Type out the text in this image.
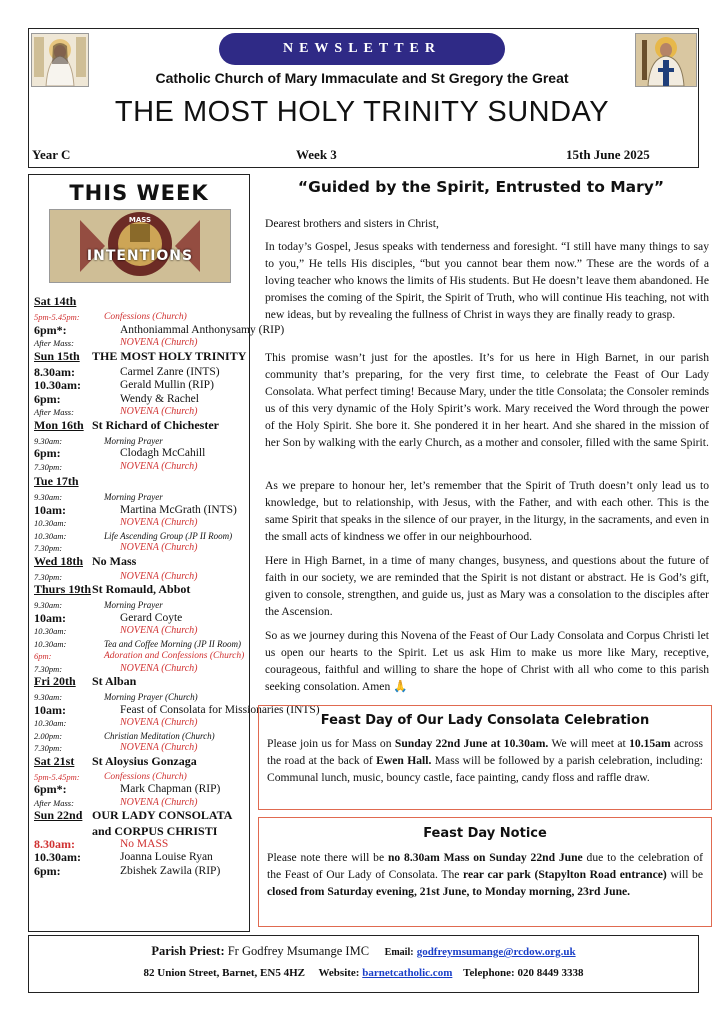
NEWSLETTER
Catholic Church of Mary Immaculate and St Gregory the Great
THE MOST HOLY TRINITY SUNDAY
Year C	Week 3	15th June 2025
THIS WEEK
MASS
INTENTIONS
Sat 14th
5pm-5.45pm:	Confessions (Church)
6pm*:	Anthoniammal Anthonysamy (RIP)
After Mass:	NOVENA (Church)
Sun 15th THE MOST HOLY TRINITY
8.30am:	Carmel Zanre (INTS)
10.30am:	Gerald Mullin (RIP)
6pm:	Wendy & Rachel
After Mass:	NOVENA (Church)
Mon 16th St Richard of Chichester
9.30am:	Morning Prayer
6pm:	Clodagh McCahill
7.30pm:	NOVENA (Church)
Tue 17th
9.30am:	Morning Prayer
10am:	Martina McGrath (INTS)
10.30am:	NOVENA (Church)
10.30am:	Life Ascending Group (JP II Room)
7.30pm:	NOVENA (Church)
Wed 18th No Mass
7.30pm:	NOVENA (Church)
Thurs 19th St Romauld, Abbot
9.30am:	Morning Prayer
10am:	Gerard Coyte
10.30am:	NOVENA (Church)
10.30am:	Tea and Coffee Morning (JP II Room)
6pm:	Adoration and Confessions (Church)
7.30pm:	NOVENA (Church)
Fri 20th St Alban
9.30am:	Morning Prayer (Church)
10am:	Feast of Consolata for Missionaries (INTS)
10.30am:	NOVENA (Church)
2.00pm:	Christian Meditation (Church)
7.30pm:	NOVENA (Church)
Sat 21st St Aloysius Gonzaga
5pm-5.45pm:	Confessions (Church)
6pm*:	Mark Chapman (RIP)
After Mass:	NOVENA (Church)
Sun 22nd OUR LADY CONSOLATA
and CORPUS CHRISTI
8.30am:	No MASS
10.30am:	Joanna Louise Ryan
6pm:	Zbishek Zawila (RIP)
“Guided by the Spirit, Entrusted to Mary”
Dearest brothers and sisters in Christ,
In today’s Gospel, Jesus speaks with tenderness and foresight. “I still have many things to say to you,” He tells His disciples, “but you cannot bear them now.” These are the words of a loving teacher who knows the limits of His students. But He doesn’t leave them abandoned. He promises the coming of the Spirit, the Spirit of Truth, who will continue His teaching, not with new ideas, but by revealing the fullness of Christ in ways they are finally ready to grasp.
This promise wasn’t just for the apostles. It’s for us here in High Barnet, in our parish community that’s preparing, for the very first time, to celebrate the Feast of Our Lady Consolata. What perfect timing! Because Mary, under the title Consolata; the Consoler reminds us of this very dynamic of the Holy Spirit’s work. Mary received the Word through the power of the Holy Spirit. She bore it. She pondered it in her heart. And she shared in the mission of her Son by walking with the early Church, as a mother and consoler, filled with the same Spirit.
As we prepare to honour her, let’s remember that the Spirit of Truth doesn’t only lead us to knowledge, but to relationship, with Jesus, with the Father, and with each other. This is the same Spirit that speaks in the silence of our prayer, in the liturgy, in the sacraments, and even in the small acts of kindness we offer in our neighbourhood.
Here in High Barnet, in a time of many changes, busyness, and questions about the future of faith in our society, we are reminded that the Spirit is not distant or abstract. He is God’s gift, given to console, strengthen, and guide us, just as Mary was a consolation to the disciples after the Ascension.
So as we journey during this Novena of the Feast of Our Lady Consolata and Corpus Christi let us open our hearts to the Spirit. Let us ask Him to make us more like Mary, receptive, courageous, faithful and willing to share the hope of Christ with all who come to this parish seeking consolation. Amen 🙏
Feast Day of Our Lady Consolata Celebration
Please join us for Mass on Sunday 22nd June at 10.30am. We will meet at 10.15am across the road at the back of Ewen Hall. Mass will be followed by a parish celebration, including: Communal lunch, music, bouncy castle, face painting, candy floss and raffle draw.
Feast Day Notice
Please note there will be no 8.30am Mass on Sunday 22nd June due to the celebration of the Feast of Our Lady of Consolata. The rear car park (Stapylton Road entrance) will be closed from Saturday evening, 21st June, to Monday morning, 23rd June.
Parish Priest: Fr Godfrey Msumange IMC Email: godfreymsumange@rcdow.org.uk
82 Union Street, Barnet, EN5 4HZ Website: barnetcatholic.com Telephone: 020 8449 3338
